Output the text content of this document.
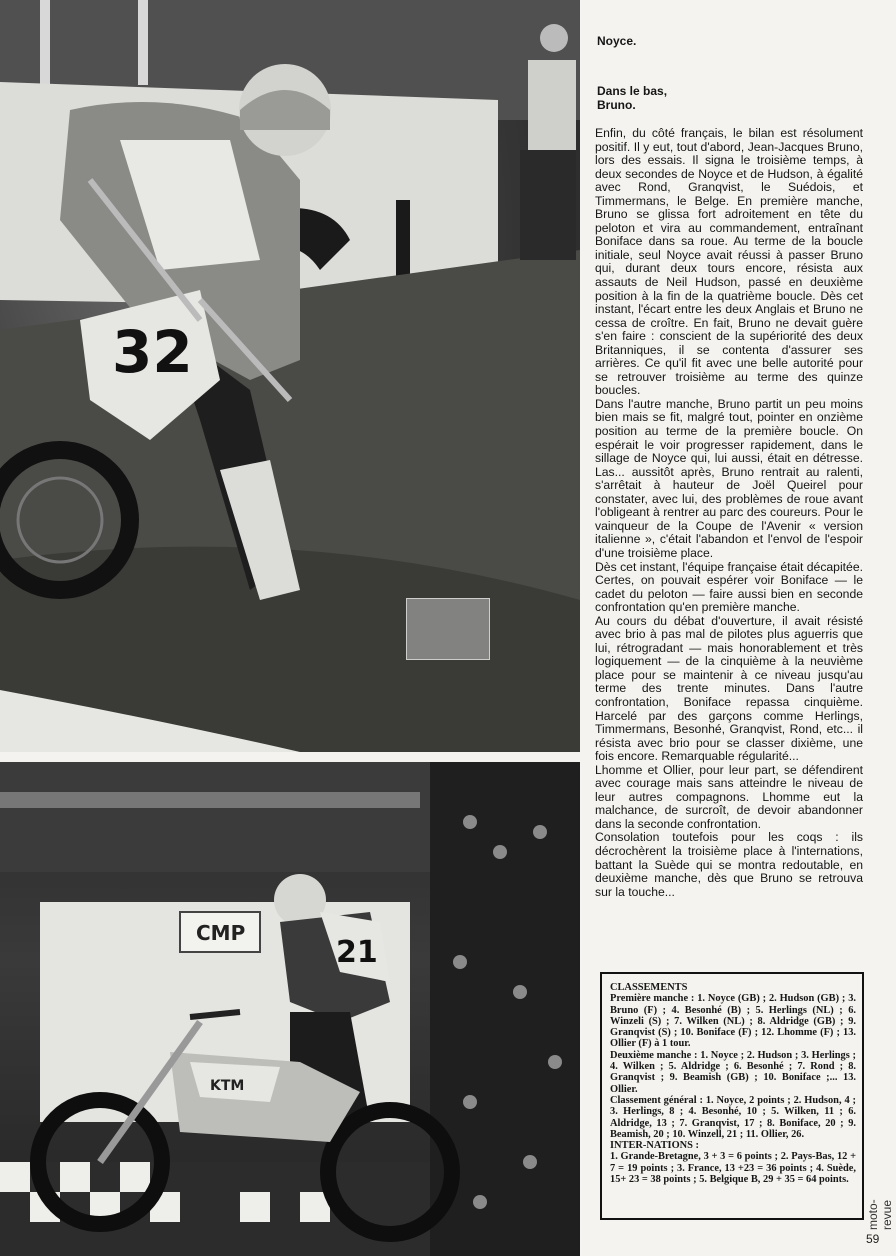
32
CMP
21
KTM
Noyce.
Dans le bas,
Bruno.

Enfin, du côté français, le bilan est résolument positif. Il y eut, tout d'abord, Jean-Jacques Bruno, lors des essais. Il signa le troisième temps, à deux secondes de Noyce et de Hudson, à égalité avec Rond, Granqvist, le Suédois, et Timmermans, le Belge. En première manche, Bruno se glissa fort adroitement en tête du peloton et vira au commandement, entraînant Boniface dans sa roue. Au terme de la boucle initiale, seul Noyce avait réussi à passer Bruno qui, durant deux tours encore, résista aux assauts de Neil Hudson, passé en deuxième position à la fin de la quatrième boucle. Dès cet instant, l'écart entre les deux Anglais et Bruno ne cessa de croître. En fait, Bruno ne devait guère s'en faire : conscient de la supériorité des deux Britanniques, il se contenta d'assurer ses arrières. Ce qu'il fit avec une belle autorité pour se retrouver troisième au terme des quinze boucles.

Dans l'autre manche, Bruno partit un peu moins bien mais se fit, malgré tout, pointer en onzième position au terme de la première boucle. On espérait le voir progresser rapidement, dans le sillage de Noyce qui, lui aussi, était en détresse. Las... aussitôt après, Bruno rentrait au ralenti, s'arrêtait à hauteur de Joël Queirel pour constater, avec lui, des problèmes de roue avant l'obligeant à rentrer au parc des coureurs. Pour le vainqueur de la Coupe de l'Avenir « version italienne », c'était l'abandon et l'envol de l'espoir d'une troisième place.

Dès cet instant, l'équipe française était décapitée. Certes, on pouvait espérer voir Boniface — le cadet du peloton — faire aussi bien en seconde confrontation qu'en première manche.

Au cours du débat d'ouverture, il avait résisté avec brio à pas mal de pilotes plus aguerris que lui, rétrogradant — mais honorablement et très logiquement — de la cinquième à la neuvième place pour se maintenir à ce niveau jusqu'au terme des trente minutes. Dans l'autre confrontation, Boniface repassa cinquième. Harcelé par des garçons comme Herlings, Timmermans, Besonhé, Granqvist, Rond, etc... il résista avec brio pour se classer dixième, une fois encore. Remarquable régularité...

Lhomme et Ollier, pour leur part, se défendirent avec courage mais sans atteindre le niveau de leur autres compagnons. Lhomme eut la malchance, de surcroît, de devoir abandonner dans la seconde confrontation.

Consolation toutefois pour les coqs : ils décrochèrent la troisième place à l'internations, battant la Suède qui se montra redoutable, en deuxième manche, dès que Bruno se retrouva sur la touche...

CLASSEMENTS

Première manche : 1. Noyce (GB) ; 2. Hudson (GB) ; 3. Bruno (F) ; 4. Besonhé (B) ; 5. Herlings (NL) ; 6. Winzeli (S) ; 7. Wilken (NL) ; 8. Aldridge (GB) ; 9. Granqvist (S) ; 10. Boniface (F) ; 12. Lhomme (F) ; 13. Ollier (F) à 1 tour.

Deuxième manche : 1. Noyce ; 2. Hudson ; 3. Herlings ; 4. Wilken ; 5. Aldridge ; 6. Besonhé ; 7. Rond ; 8. Granqvist ; 9. Beamish (GB) ; 10. Boniface ;... 13. Ollier.

Classement général : 1. Noyce, 2 points ; 2. Hudson, 4 ; 3. Herlings, 8 ; 4. Besonhé, 10 ; 5. Wilken, 11 ; 6. Aldridge, 13 ; 7. Granqvist, 17 ; 8. Boniface, 20 ; 9. Beamish, 20 ; 10. Winzell, 21 ; 11. Ollier, 26.

INTER-NATIONS :

1. Grande-Bretagne, 3 + 3 = 6 points ; 2. Pays-Bas, 12 + 7 = 19 points ; 3. France, 13 +23 = 36 points ; 4. Suède, 15+ 23 = 38 points ; 5. Belgique B, 29 + 35 = 64 points.

moto-revue
59
